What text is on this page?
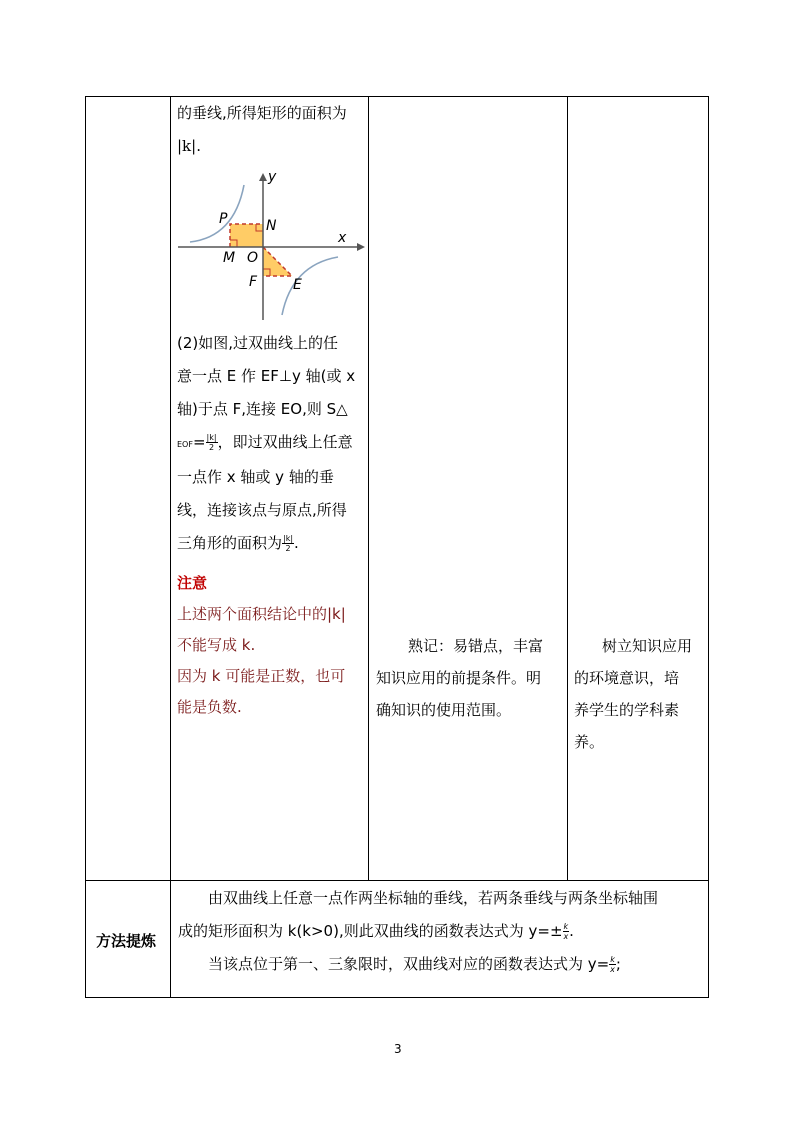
的垂线,所得矩形的面积为
|k|.
y
x
P	N
M O
F	E
(2)如图,过双曲线上的任
意一点 E 作 EF⊥y 轴(或 x
轴)于点 F,连接 EO,则 S△
$EOF= \frac{|k|}{2}$ ，即过双曲线上任意
一点作 x 轴或 y 轴的垂
线，连接该点与原点,所得
三角形的面积为 $\frac{|k|}{2}$ .
注意
上述两个面积结论中的|k|
不能写成 k.
因为 k 可能是正数，也可
能是负数.
熟记：易错点，丰富
知识应用的前提条件。明
确知识的使用范围。
树立知识应用
的环境意识，培
养学生的学科素
养。
方法提炼
由双曲线上任意一点作两坐标轴的垂线，若两条垂线与两条坐标轴围
成的矩形面积为 k(k>0),则此双曲线的函数表达式为 $y=\pm \frac{k}{x}$ .
当该点位于第一、三象限时，双曲线对应的函数表达式为 $y= \frac{k}{x}$ ;
3
